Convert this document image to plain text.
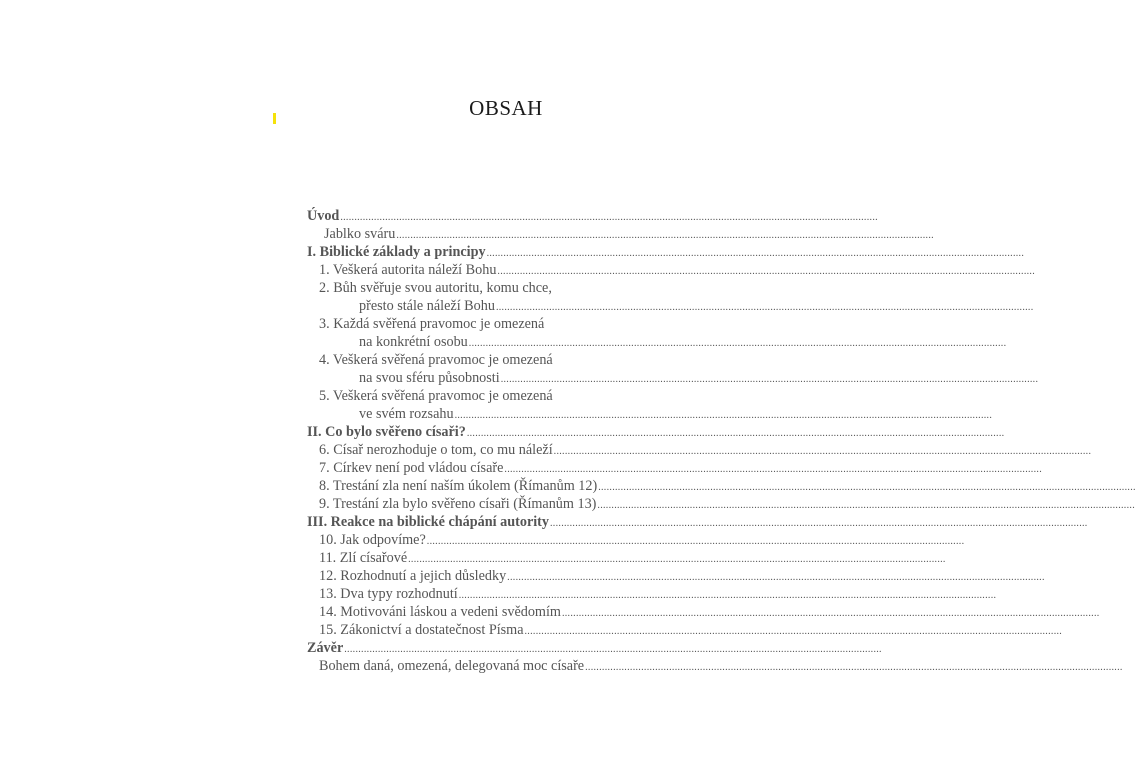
OBSAH
Úvod ................................................................................................................................................................................................
Jablko sváru ................................................................................................................................................................................................
I. Biblické základy a principy ................................................................................................................................................................................................
1. Veškerá autorita náleží Bohu ................................................................................................................................................................................................
2. Bůh svěřuje svou autoritu, komu chce,
přesto stále náleží Bohu ................................................................................................................................................................................................
3. Každá svěřená pravomoc je omezená
na konkrétní osobu ................................................................................................................................................................................................
4. Veškerá svěřená pravomoc je omezená
na svou sféru působnosti ................................................................................................................................................................................................
5. Veškerá svěřená pravomoc je omezená
ve svém rozsahu ................................................................................................................................................................................................
II. Co bylo svěřeno císaři? ................................................................................................................................................................................................
6. Císař nerozhoduje o tom, co mu náleží ................................................................................................................................................................................................
7. Církev není pod vládou císaře ................................................................................................................................................................................................
8. Trestání zla není naším úkolem (Římanům 12) ................................................................................................................................................................................................
9. Trestání zla bylo svěřeno císaři (Římanům 13) ................................................................................................................................................................................................
III. Reakce na biblické chápání autority ................................................................................................................................................................................................
10. Jak odpovíme? ................................................................................................................................................................................................
11. Zlí císařové ................................................................................................................................................................................................
12. Rozhodnutí a jejich důsledky ................................................................................................................................................................................................
13. Dva typy rozhodnutí ................................................................................................................................................................................................
14. Motivováni láskou a vedeni svědomím ................................................................................................................................................................................................
15. Zákonictví a dostatečnost Písma ................................................................................................................................................................................................
Závěr ................................................................................................................................................................................................
Bohem daná, omezená, delegovaná moc císaře ................................................................................................................................................................................................
